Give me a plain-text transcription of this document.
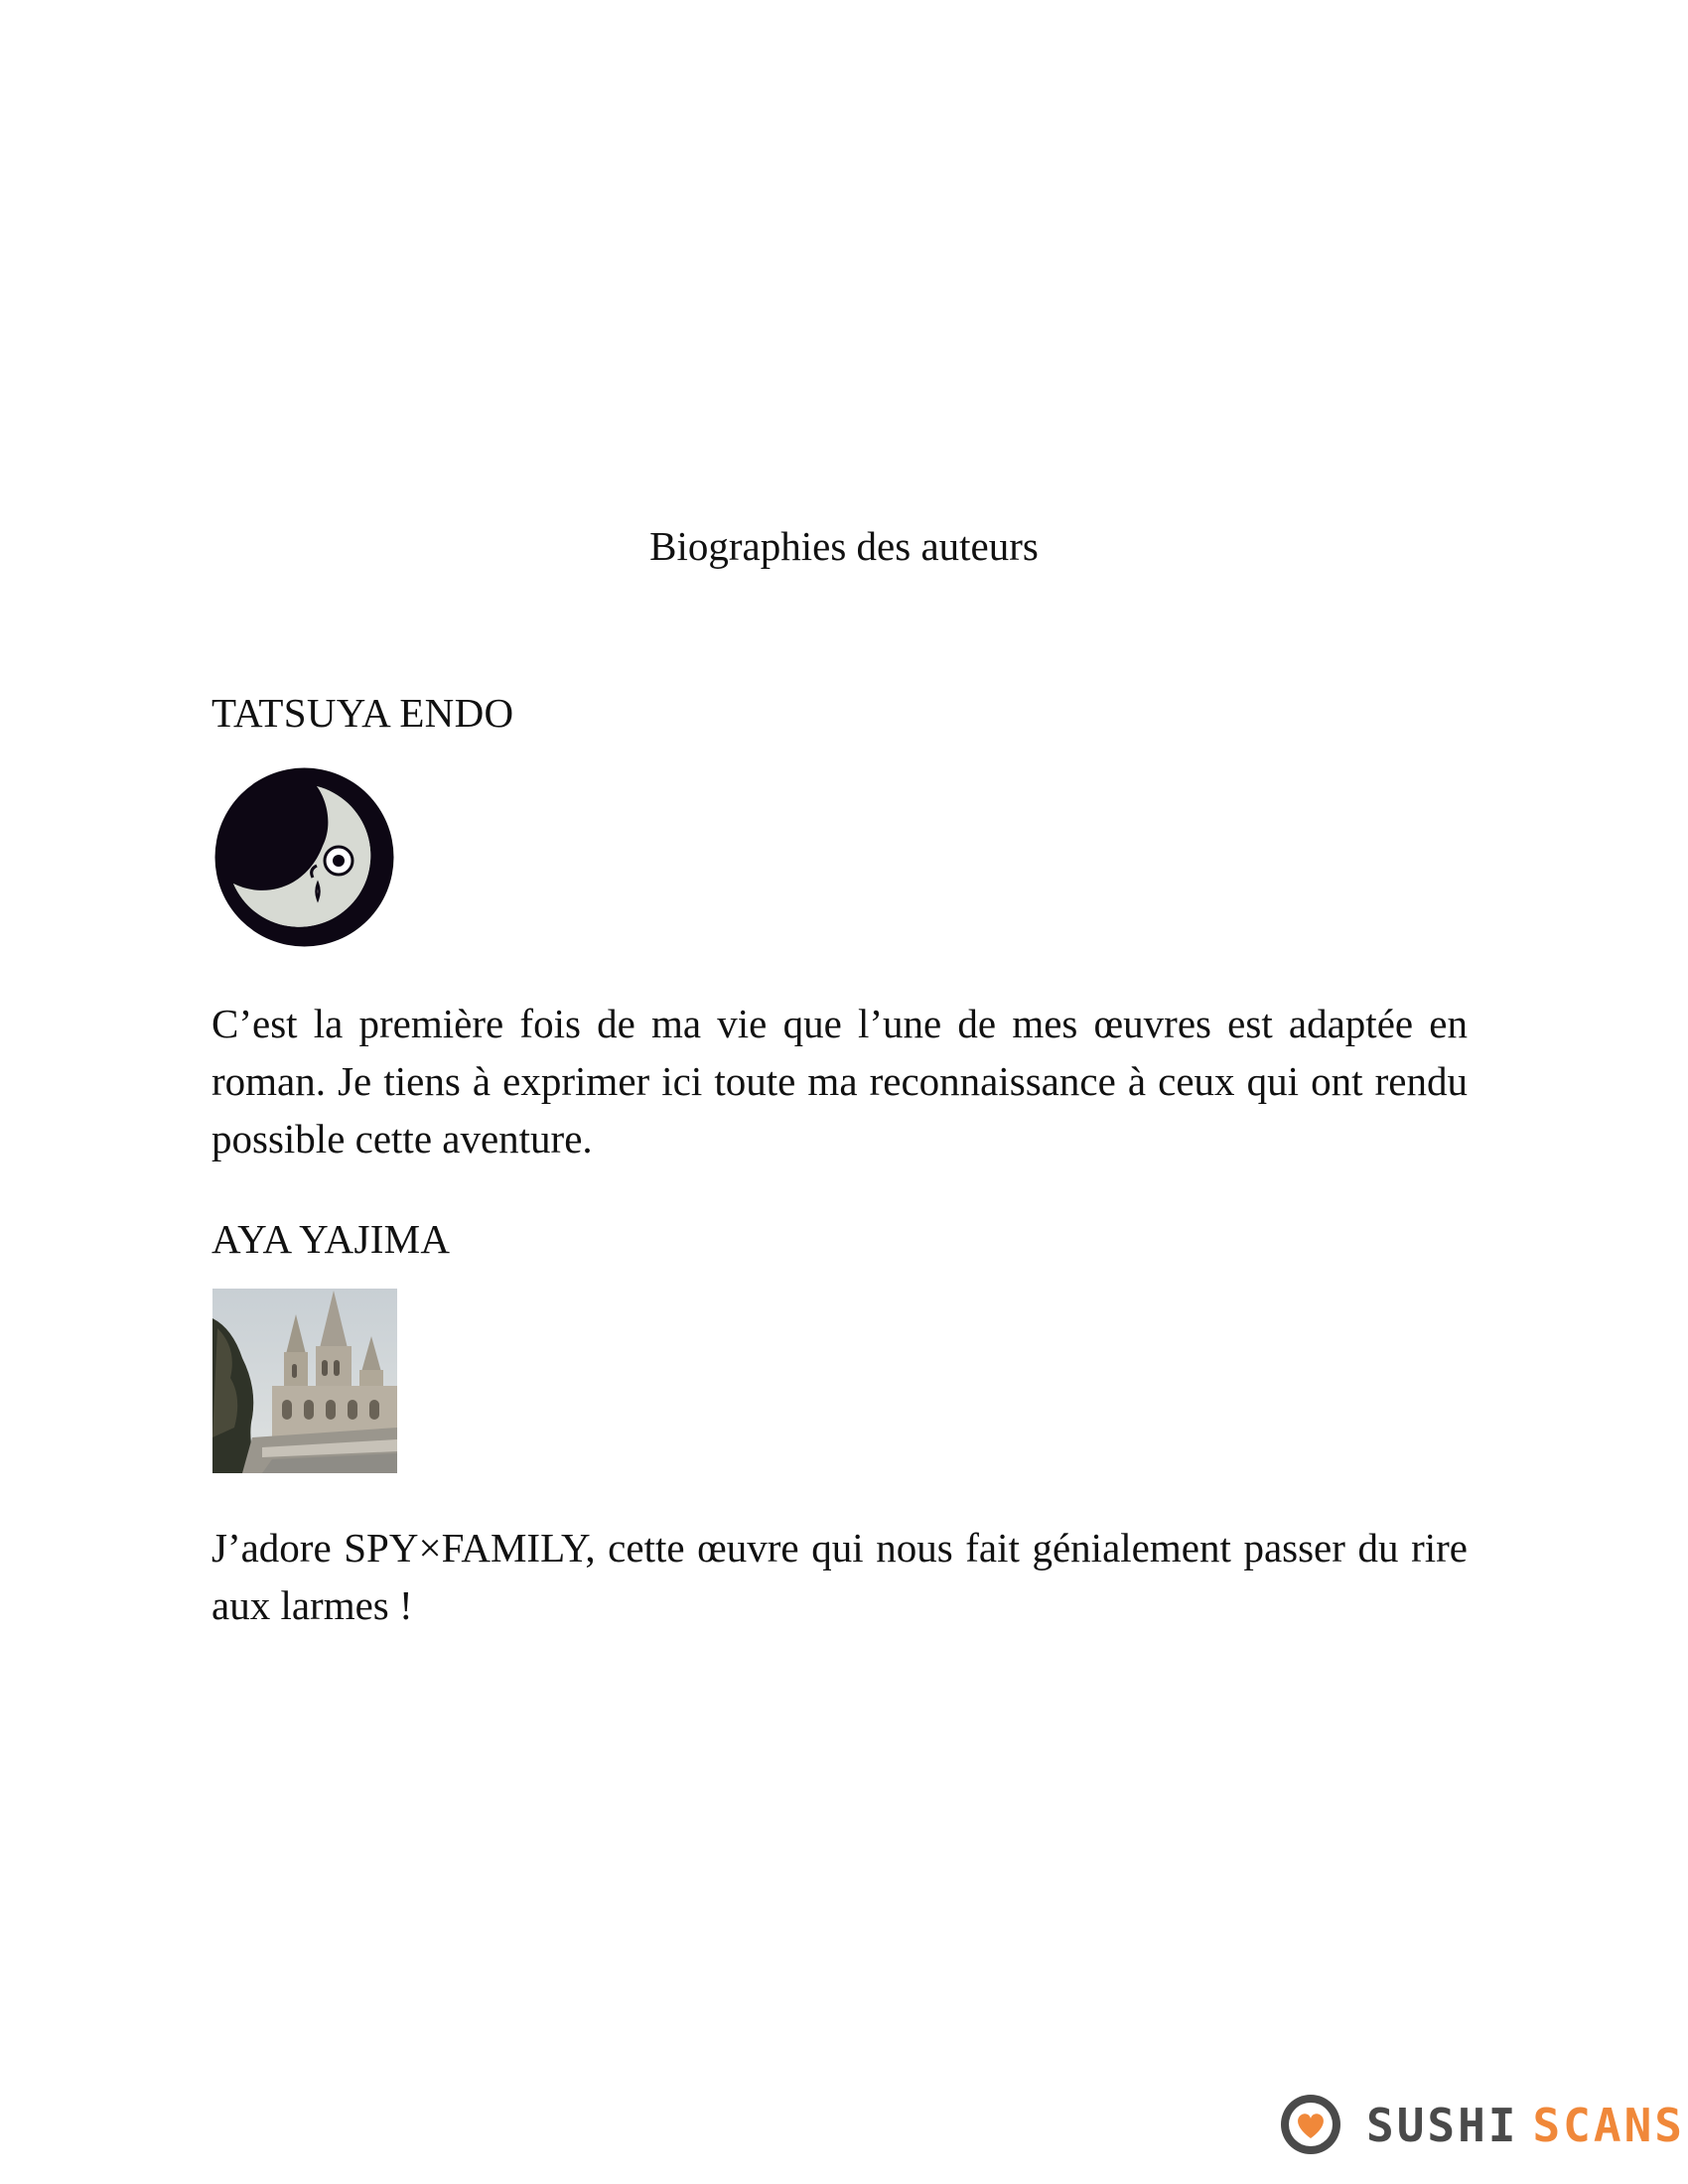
Biographies des auteurs
TATSUYA ENDO

C’est la première fois de ma vie que l’une de mes œuvres est adaptée en roman. Je tiens à exprimer ici toute ma reconnaissance à ceux qui ont rendu possible cette aventure.

AYA YAJIMA

J’adore SPY×FAMILY, cette œuvre qui nous fait génialement passer du rire aux larmes !

SUSHI SCANS
